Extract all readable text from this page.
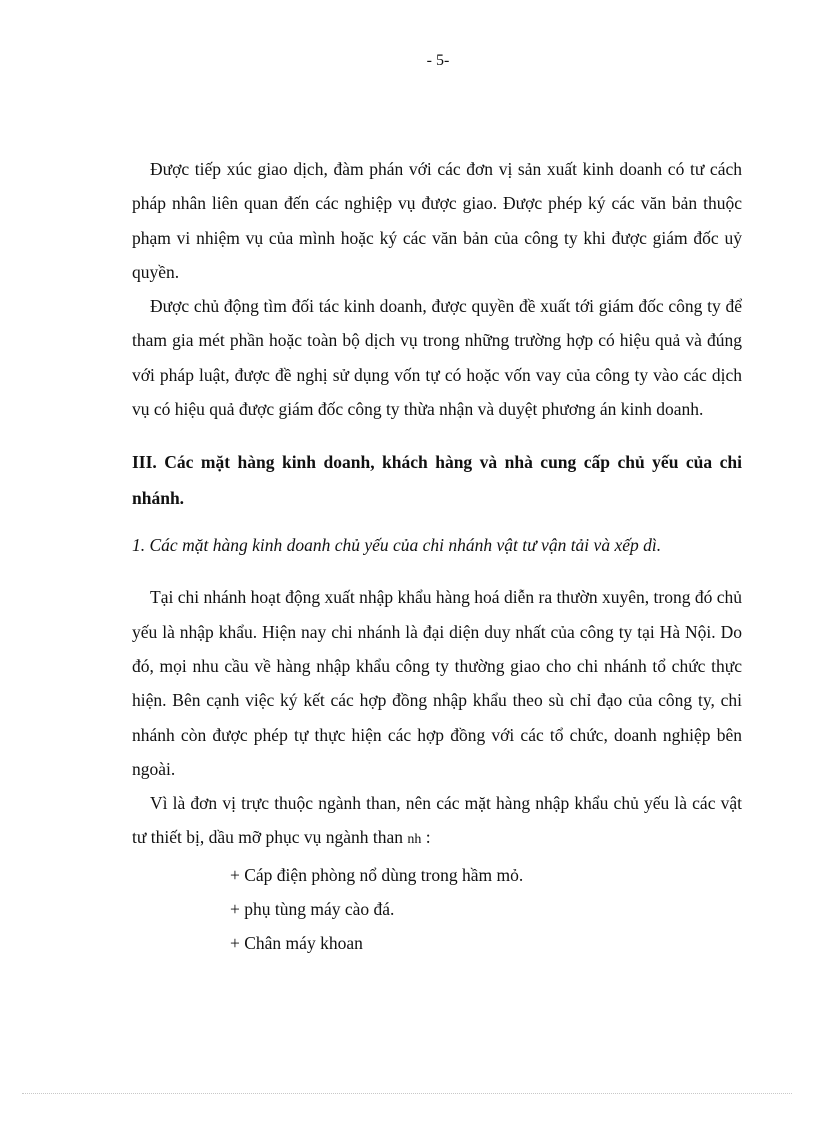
- 5-

Được tiếp xúc giao dịch, đàm phán với các đơn vị sản xuất kinh doanh có tư cách pháp nhân liên quan đến các nghiệp vụ được giao. Được phép ký các văn bản thuộc phạm vi nhiệm vụ của mình hoặc ký các văn bản của công ty khi được giám đốc uỷ quyền.

Được chủ động tìm đối tác kinh doanh, được quyền đề xuất tới giám đốc công ty để tham gia mét phần hoặc toàn bộ dịch vụ trong những trường hợp có hiệu quả và đúng với pháp luật, được đề nghị sử dụng vốn tự có hoặc vốn vay của công ty vào các dịch vụ có hiệu quả được giám đốc công ty thừa nhận và duyệt phương án kinh doanh.

III. Các mặt hàng kinh doanh, khách hàng và nhà cung cấp chủ yếu của chi nhánh.

1. Các mặt hàng kinh doanh chủ yếu của chi nhánh vật tư vận tải và xếp dì.

Tại chi nhánh hoạt động xuất nhập khẩu hàng hoá diễn ra thườn xuyên, trong đó chủ yếu là nhập khẩu. Hiện nay chi nhánh là đại diện duy nhất của công ty tại Hà Nội. Do đó, mọi nhu cầu về hàng nhập khẩu công ty thường giao cho chi nhánh tổ chức thực hiện. Bên cạnh việc ký kết các hợp đồng nhập khẩu theo sù chỉ đạo của công ty, chi nhánh còn được phép tự thực hiện các hợp đồng với các tổ chức, doanh nghiệp bên ngoài.

Vì là đơn vị trực thuộc ngành than, nên các mặt hàng nhập khẩu chủ yếu là các vật tư thiết bị, dầu mỡ phục vụ ngành than nh :

+ Cáp điện phòng nổ dùng trong hầm mỏ.
+ phụ tùng máy cào đá.
+ Chân máy khoan
